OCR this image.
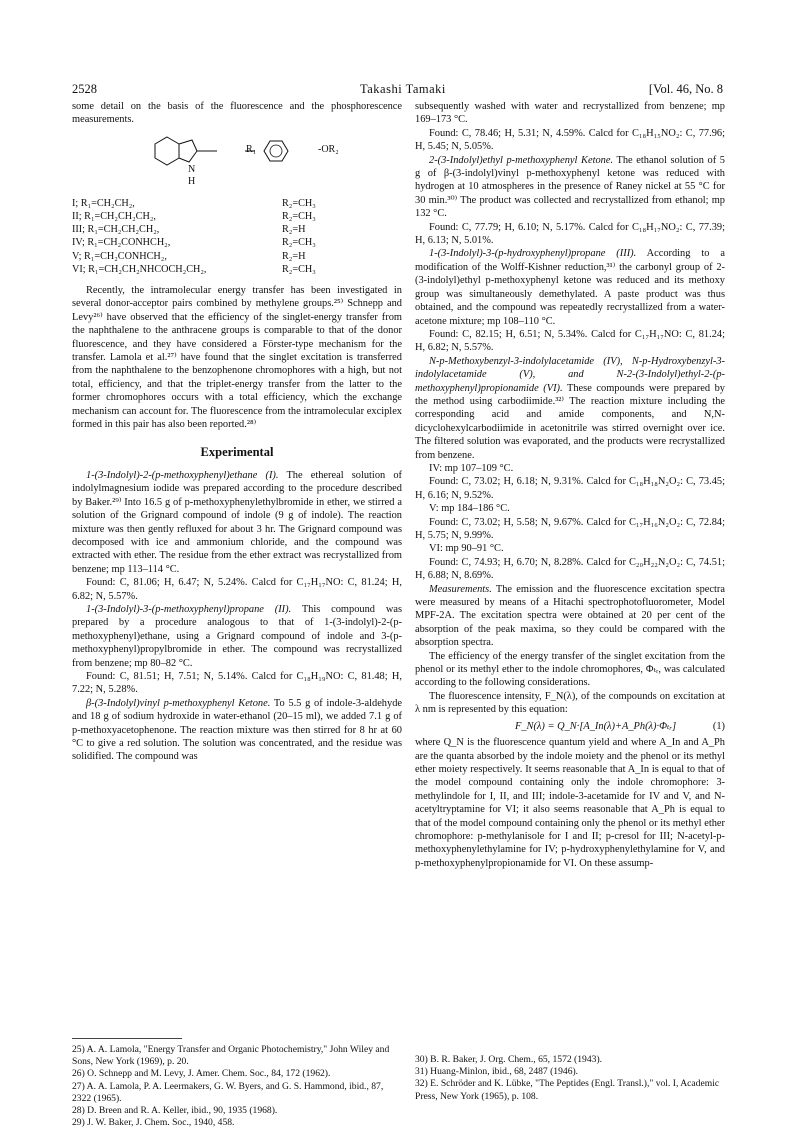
2528	Takashi Tamaki	[Vol. 46, No. 8

some detail on the basis of the fluorescence and the phosphorescence measurements.

R₁	-OR₂
N
H
I; R₁=CH₂CH₂,	R₂=CH₃
II; R₁=CH₂CH₂CH₂,	R₂=CH₃
III; R₁=CH₂CH₂CH₂,	R₂=H
IV; R₁=CH₂CONHCH₂,	R₂=CH₃
V; R₁=CH₂CONHCH₂,	R₂=H
VI; R₁=CH₂CH₂NHCOCH₂CH₂,	R₂=CH₃

Recently, the intramolecular energy transfer has been investigated in several donor-acceptor pairs combined by methylene groups.²⁵⁾ Schnepp and Levy²⁶⁾ have observed that the efficiency of the singlet-energy transfer from the naphthalene to the anthracene groups is comparable to that of the donor fluorescence, and they have considered a Förster-type mechanism for the transfer. Lamola et al.²⁷⁾ have found that the singlet excitation is transferred from the naphthalene to the benzophenone chromophores with a high, but not total, efficiency, and that the triplet-energy transfer from the latter to the former chromophores occurs with a total efficiency, which the exchange mechanism can account for. The fluorescence from the intramolecular exciplex formed in this pair has also been reported.²⁸⁾

Experimental

1-(3-Indolyl)-2-(p-methoxyphenyl)ethane (I). The ethereal solution of indolylmagnesium iodide was prepared according to the procedure described by Baker.²⁹⁾ Into 16.5 g of p-methoxyphenylethylbromide in ether, we stirred a solution of the Grignard compound of indole (9 g of indole). The reaction mixture was then gently refluxed for about 3 hr. The Grignard compound was decomposed with ice and ammonium chloride, and the compound was extracted with ether. The residue from the ether extract was recrystallized from benzene; mp 113–114 °C.

Found: C, 81.06; H, 6.47; N, 5.24%. Calcd for C₁₇H₁₇NO: C, 81.24; H, 6.82; N, 5.57%.

1-(3-Indolyl)-3-(p-methoxyphenyl)propane (II). This compound was prepared by a procedure analogous to that of 1-(3-indolyl)-2-(p-methoxyphenyl)ethane, using a Grignard compound of indole and 3-(p-methoxyphenyl)propylbromide in ether. The compound was recrystallized from benzene; mp 80–82 °C.

Found: C, 81.51; H, 7.51; N, 5.14%. Calcd for C₁₈H₁₉NO: C, 81.48; H, 7.22; N, 5.28%.

β-(3-Indolyl)vinyl p-methoxyphenyl Ketone. To 5.5 g of indole-3-aldehyde and 18 g of sodium hydroxide in water-ethanol (20–15 ml), we added 7.1 g of p-methoxyacetophenone. The reaction mixture was then stirred for 8 hr at 60 °C to give a red solution. The solution was concentrated, and the residue was solidified. The compound was

subsequently washed with water and recrystallized from benzene; mp 169–173 °C.

Found: C, 78.46; H, 5.31; N, 4.59%. Calcd for C₁₈H₁₅NO₂: C, 77.96; H, 5.45; N, 5.05%.

2-(3-Indolyl)ethyl p-methoxyphenyl Ketone. The ethanol solution of 5 g of β-(3-indolyl)vinyl p-methoxyphenyl ketone was reduced with hydrogen at 10 atmospheres in the presence of Raney nickel at 55 °C for 30 min.³⁰⁾ The product was collected and recrystallized from ethanol; mp 132 °C.

Found: C, 77.79; H, 6.10; N, 5.17%. Calcd for C₁₈H₁₇NO₂: C, 77.39; H, 6.13; N, 5.01%.

1-(3-Indolyl)-3-(p-hydroxyphenyl)propane (III). According to a modification of the Wolff-Kishner reduction,³¹⁾ the carbonyl group of 2-(3-indolyl)ethyl p-methoxyphenyl ketone was reduced and its methoxy group was simultaneously demethylated. A paste product was thus obtained, and the compound was repeatedly recrystallized from a water-acetone mixture; mp 108–110 °C.

Found: C, 82.15; H, 6.51; N, 5.34%. Calcd for C₁₇H₁₇NO: C, 81.24; H, 6.82; N, 5.57%.

N-p-Methoxybenzyl-3-indolylacetamide (IV), N-p-Hydroxybenzyl-3-indolylacetamide (V), and N-2-(3-Indolyl)ethyl-2-(p-methoxyphenyl)propionamide (VI). These compounds were prepared by the method using carbodiimide.³²⁾ The reaction mixture including the corresponding acid and amide components, and N,N-dicyclohexylcarbodiimide in acetonitrile was stirred overnight over ice. The filtered solution was evaporated, and the products were recrystallized from benzene.

IV: mp 107–109 °C.

Found: C, 73.02; H, 6.18; N, 9.31%. Calcd for C₁₈H₁₈N₂O₂: C, 73.45; H, 6.16; N, 9.52%.

V: mp 184–186 °C.

Found: C, 73.02; H, 5.58; N, 9.67%. Calcd for C₁₇H₁₆N₂O₂: C, 72.84; H, 5.75; N, 9.99%.

VI: mp 90–91 °C.

Found: C, 74.93; H, 6.70; N, 8.28%. Calcd for C₂₀H₂₂N₂O₂: C, 74.51; H, 6.88; N, 8.69%.

Measurements. The emission and the fluorescence excitation spectra were measured by means of a Hitachi spectrophotofluorometer, Model MPF-2A. The excitation spectra were obtained at 20 per cent of the absorption of the peak maxima, so they could be compared with the absorption spectra.

The efficiency of the energy transfer of the singlet excitation from the phenol or its methyl ether to the indole chromophores, Φₜᵣ, was calculated according to the following considerations.

The fluorescence intensity, F_N(λ), of the compounds on excitation at λ nm is represented by this equation:

F_N(λ) = Q_N·[A_In(λ)+A_Ph(λ)·Φₜᵣ]	(1)

where Q_N is the fluorescence quantum yield and where A_In and A_Ph are the quanta absorbed by the indole moiety and the phenol or its methyl ether moiety respectively. It seems reasonable that A_In is equal to that of the model compound containing only the indole chromophore: 3-methylindole for I, II, and III; indole-3-acetamide for IV and V, and N-acetyltryptamine for VI; it also seems reasonable that A_Ph is equal to that of the model compound containing only the phenol or its methyl ether chromophore: p-methylanisole for I and II; p-cresol for III; N-acetyl-p-methoxyphenylethylamine for IV; p-hydroxyphenylethylamine for V, and p-methoxyphenylpropionamide for VI. On these assump-

25) A. A. Lamola, "Energy Transfer and Organic Photochemistry," John Wiley and Sons, New York (1969), p. 20.
26) O. Schnepp and M. Levy, J. Amer. Chem. Soc., 84, 172 (1962).
27) A. A. Lamola, P. A. Leermakers, G. W. Byers, and G. S. Hammond, ibid., 87, 2322 (1965).
28) D. Breen and R. A. Keller, ibid., 90, 1935 (1968).
29) J. W. Baker, J. Chem. Soc., 1940, 458.
30) B. R. Baker, J. Org. Chem., 65, 1572 (1943).
31) Huang-Minlon, ibid., 68, 2487 (1946).
32) E. Schröder and K. Lübke, "The Peptides (Engl. Transl.)," vol. I, Academic Press, New York (1965), p. 108.
